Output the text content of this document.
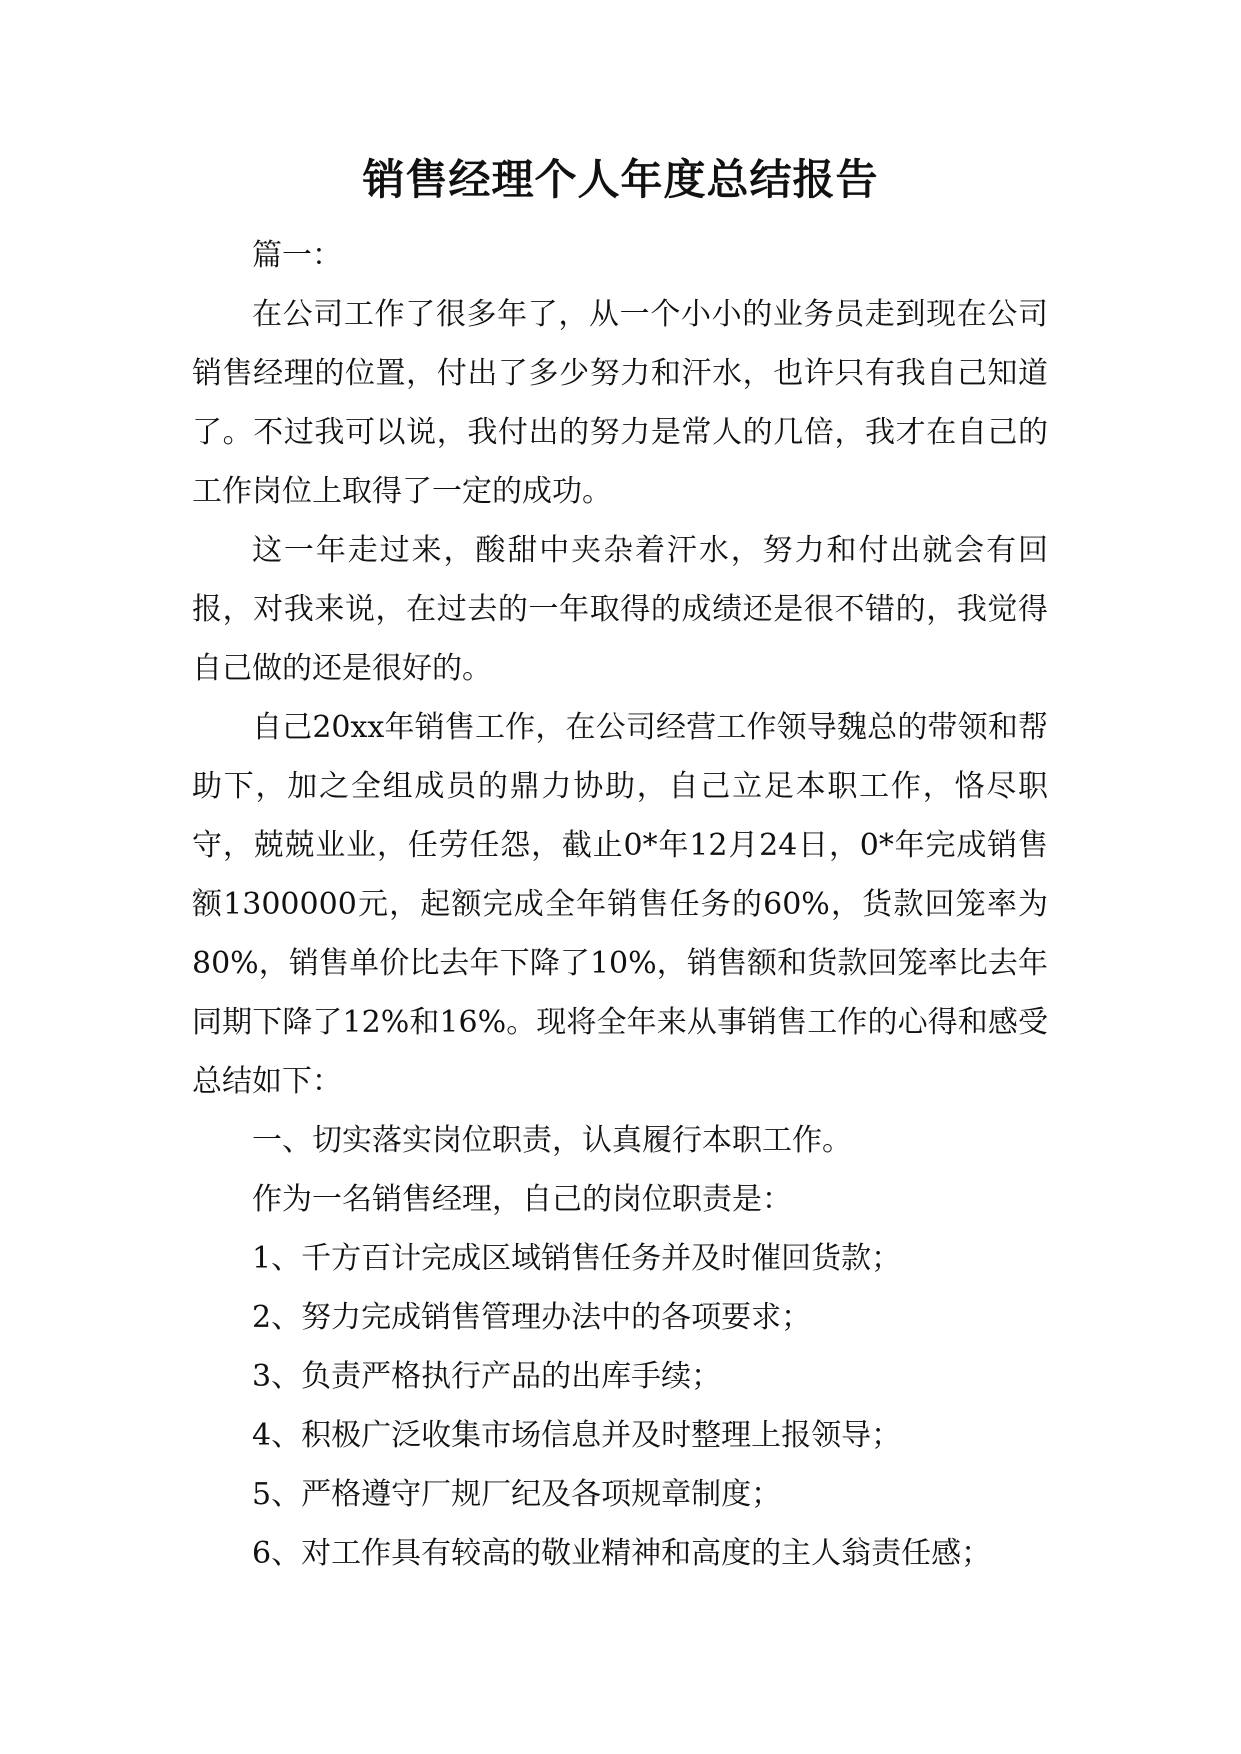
销售经理个人年度总结报告

篇一：

在公司工作了很多年了，从一个小小的业务员走到现在公司销售经理的位置，付出了多少努力和汗水，也许只有我自己知道了。不过我可以说，我付出的努力是常人的几倍，我才在自己的工作岗位上取得了一定的成功。

这一年走过来，酸甜中夹杂着汗水，努力和付出就会有回报，对我来说，在过去的一年取得的成绩还是很不错的，我觉得自己做的还是很好的。

自己20xx年销售工作，在公司经营工作领导魏总的带领和帮助下，加之全组成员的鼎力协助，自己立足本职工作，恪尽职守，兢兢业业，任劳任怨，截止0*年12月24日，0*年完成销售额1300000元，起额完成全年销售任务的60%，货款回笼率为80%，销售单价比去年下降了10%，销售额和货款回笼率比去年同期下降了12%和16%。现将全年来从事销售工作的心得和感受总结如下：

一、切实落实岗位职责，认真履行本职工作。

作为一名销售经理，自己的岗位职责是：

1、千方百计完成区域销售任务并及时催回货款；

2、努力完成销售管理办法中的各项要求；

3、负责严格执行产品的出库手续；

4、积极广泛收集市场信息并及时整理上报领导；

5、严格遵守厂规厂纪及各项规章制度；

6、对工作具有较高的敬业精神和高度的主人翁责任感；
